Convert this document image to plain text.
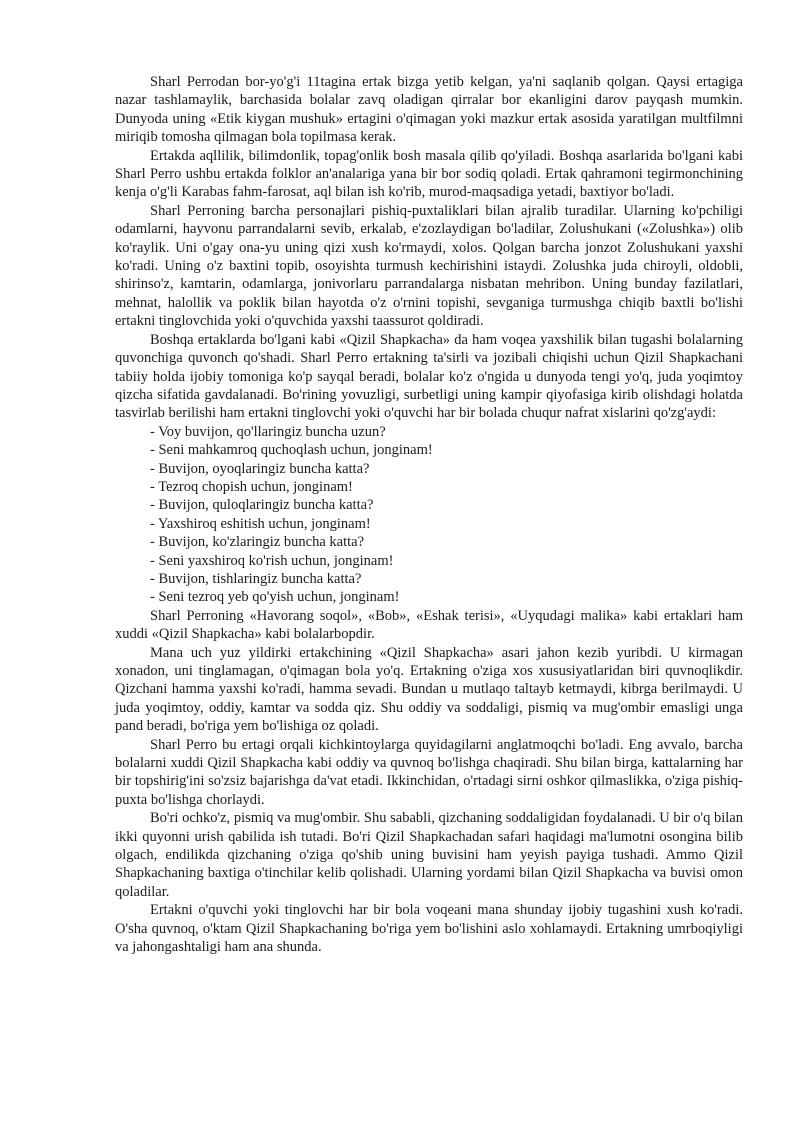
Sharl Perrodan bor-yo'g'i 11tagina ertak bizga yetib kelgan, ya'ni saqlanib qolgan. Qaysi ertagiga nazar tashlamaylik, barchasida bolalar zavq oladigan qirralar bor ekanligini darov payqash mumkin. Dunyoda uning «Etik kiygan mushuk» ertagini o'qimagan yoki mazkur ertak asosida yaratilgan multfilmni miriqib tomosha qilmagan bola topilmasa kerak.

Ertakda aqllilik, bilimdonlik, topag'onlik bosh masala qilib qo'yiladi. Boshqa asarlarida bo'lgani kabi Sharl Perro ushbu ertakda folklor an'analariga yana bir bor sodiq qoladi. Ertak qahramoni tegirmonchining kenja o'g'li Karabas fahm-farosat, aql bilan ish ko'rib, murod-maqsadiga yetadi, baxtiyor bo'ladi.

Sharl Perroning barcha personajlari pishiq-puxtaliklari bilan ajralib turadilar. Ularning ko'pchiligi odamlarni, hayvonu parrandalarni sevib, erkalab, e'zozlaydigan bo'ladilar, Zolushukani («Zolushka») olib ko'raylik. Uni o'gay ona-yu uning qizi xush ko'rmaydi, xolos. Qolgan barcha jonzot Zolushukani yaxshi ko'radi. Uning o'z baxtini topib, osoyishta turmush kechirishini istaydi. Zolushka juda chiroyli, oldobli, shirinso'z, kamtarin, odamlarga, jonivorlaru parrandalarga nisbatan mehribon. Uning bunday fazilatlari, mehnat, halollik va poklik bilan hayotda o'z o'rnini topishi, sevganiga turmushga chiqib baxtli bo'lishi ertakni tinglovchida yoki o'quvchida yaxshi taassurot qoldiradi.

Boshqa ertaklarda bo'lgani kabi «Qizil Shapkacha» da ham voqea yaxshilik bilan tugashi bolalarning quvonchiga quvonch qo'shadi. Sharl Perro ertakning ta'sirli va jozibali chiqishi uchun Qizil Shapkachani tabiiy holda ijobiy tomoniga ko'p sayqal beradi, bolalar ko'z o'ngida u dunyoda tengi yo'q, juda yoqimtoy qizcha sifatida gavdalanadi. Bo'rining yovuzligi, surbetligi uning kampir qiyofasiga kirib olishdagi holatda tasvirlab berilishi ham ertakni tinglovchi yoki o'quvchi har bir bolada chuqur nafrat xislarini qo'zg'aydi:

- Voy buvijon, qo'llaringiz buncha uzun?

- Seni mahkamroq quchoqlash uchun, jonginam!

- Buvijon, oyoqlaringiz buncha katta?

- Tezroq chopish uchun, jonginam!

- Buvijon, quloqlaringiz buncha katta?

- Yaxshiroq eshitish uchun, jonginam!

- Buvijon, ko'zlaringiz buncha katta?

- Seni yaxshiroq ko'rish uchun, jonginam!

- Buvijon, tishlaringiz buncha katta?

- Seni tezroq yeb qo'yish uchun, jonginam!

Sharl Perroning «Havorang soqol», «Bob», «Eshak terisi», «Uyqudagi malika» kabi ertaklari ham xuddi «Qizil Shapkacha» kabi bolalarbopdir.

Mana uch yuz yildirki ertakchining «Qizil Shapkacha» asari jahon kezib yuribdi. U kirmagan xonadon, uni tinglamagan, o'qimagan bola yo'q. Ertakning o'ziga xos xususiyatlaridan biri quvnoqlikdir. Qizchani hamma yaxshi ko'radi, hamma sevadi. Bundan u mutlaqo taltayb ketmaydi, kibrga berilmaydi. U juda yoqimtoy, oddiy, kamtar va sodda qiz. Shu oddiy va soddaligi, pismiq va mug'ombir emasligi unga pand beradi, bo'riga yem bo'lishiga oz qoladi.

Sharl Perro bu ertagi orqali kichkintoylarga quyidagilarni anglatmoqchi bo'ladi. Eng avvalo, barcha bolalarni xuddi Qizil Shapkacha kabi oddiy va quvnoq bo'lishga chaqiradi. Shu bilan birga, kattalarning har bir topshirig'ini so'zsiz bajarishga da'vat etadi. Ikkinchidan, o'rtadagi sirni oshkor qilmaslikka, o'ziga pishiq-puxta bo'lishga chorlaydi.

Bo'ri ochko'z, pismiq va mug'ombir. Shu sababli, qizchaning soddaligidan foydalanadi. U bir o'q bilan ikki quyonni urish qabilida ish tutadi. Bo'ri Qizil Shapkachadan safari haqidagi ma'lumotni osongina bilib olgach, endilikda qizchaning o'ziga qo'shib uning buvisini ham yeyish payiga tushadi. Ammo Qizil Shapkachaning baxtiga o'tinchilar kelib qolishadi. Ularning yordami bilan Qizil Shapkacha va buvisi omon qoladilar.

Ertakni o'quvchi yoki tinglovchi har bir bola voqeani mana shunday ijobiy tugashini xush ko'radi. O'sha quvnoq, o'ktam Qizil Shapkachaning bo'riga yem bo'lishini aslo xohlamaydi. Ertakning umrboqiyligi va jahongashtaligi ham ana shunda.
